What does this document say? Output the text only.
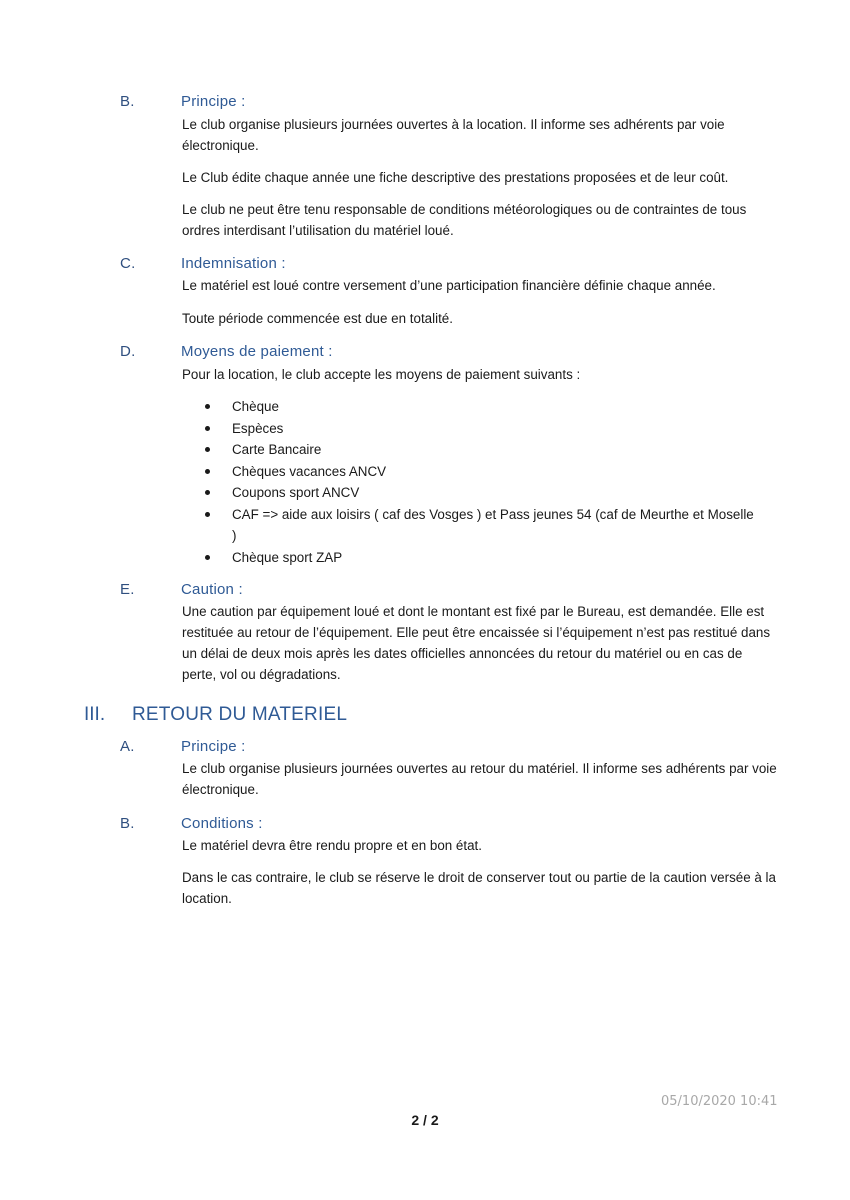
B.	Principe :

Le club organise plusieurs journées ouvertes à la location. Il informe ses adhérents par voie électronique.

Le Club édite chaque année une fiche descriptive des prestations proposées et de leur coût.

Le club ne peut être tenu responsable de conditions météorologiques ou de contraintes de tous ordres interdisant l’utilisation du matériel loué.

C.	Indemnisation :

Le matériel est loué contre versement d’une participation financière définie chaque année.

Toute période commencée est due en totalité.

D.	Moyens de paiement :

Pour la location, le club accepte les moyens de paiement suivants :

Chèque
Espèces
Carte Bancaire
Chèques vacances ANCV
Coupons sport ANCV
CAF => aide aux loisirs ( caf des Vosges ) et Pass jeunes 54 (caf de Meurthe et Moselle )
Chèque sport ZAP
E.	Caution :

Une caution par équipement loué et dont le montant est fixé par le Bureau, est demandée. Elle est restituée au retour de l’équipement. Elle peut être encaissée si l’équipement n’est pas restitué dans un délai de deux mois après les dates officielles annoncées du retour du matériel ou en cas de perte, vol ou dégradations.

III. RETOUR DU MATERIEL
A.	Principe :

Le club organise plusieurs journées ouvertes au retour du matériel. Il informe ses adhérents par voie électronique.

B.	Conditions :

Le matériel devra être rendu propre et en bon état.

Dans le cas contraire, le club se réserve le droit de conserver tout ou partie de la caution versée à la location.

05/10/2020 10:41
2 / 2
